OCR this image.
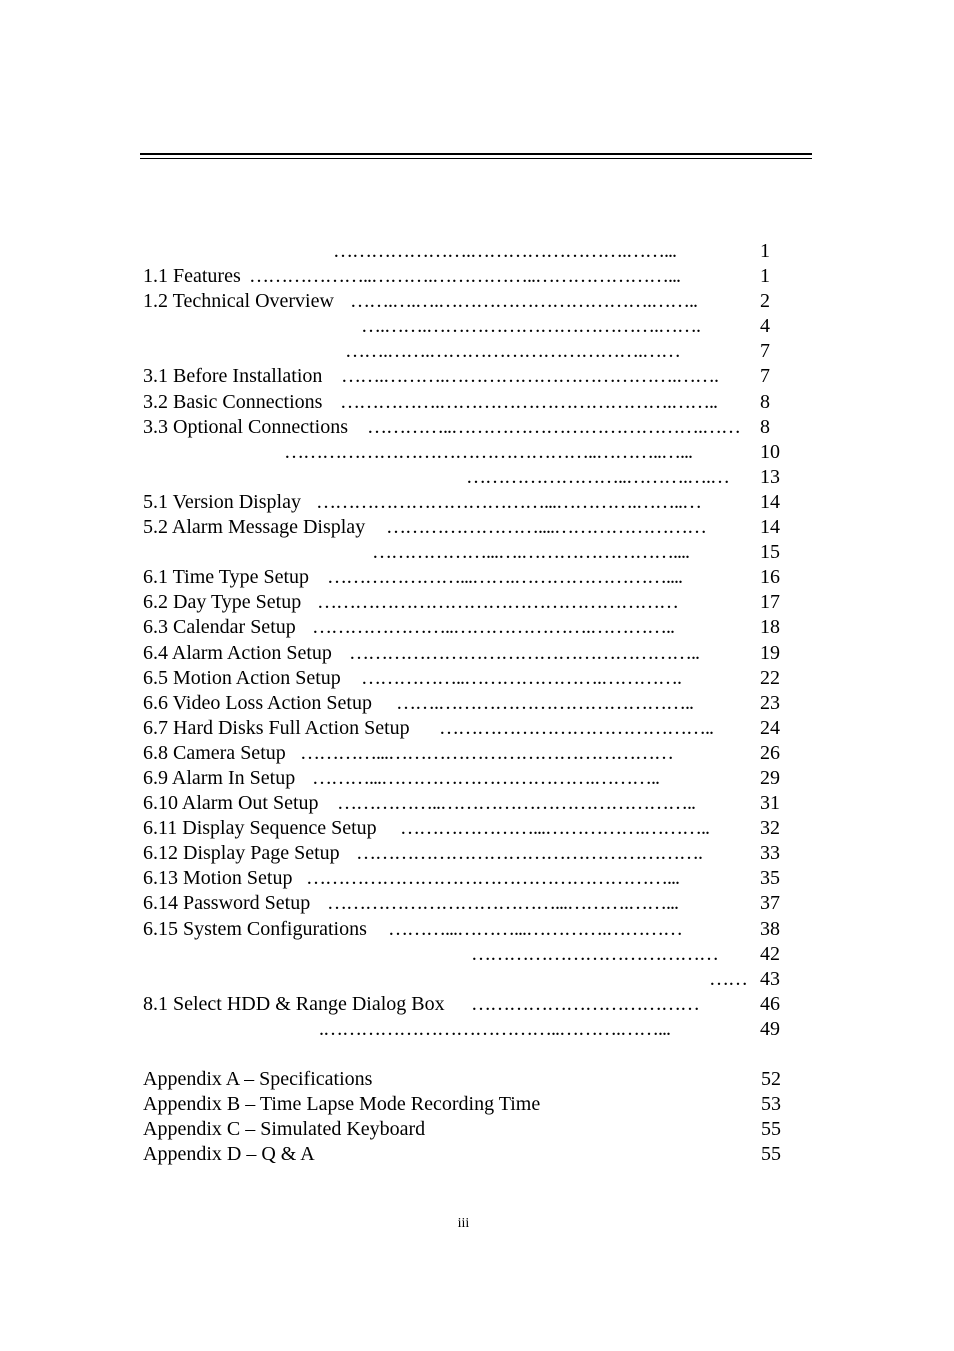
………………….…………………….……...	1
1.1 Features ………………..……….……………..…………………...	1
1.2 Technical Overview …….….….…………………………….……..	2
….…….……………………………….…….	4
…….…….…………………………….……	7
3.1 Before Installation …….……….……………………………….……. 7
3.2 Basic Connections …………….……………………………….…….. 8
3.3 Optional Connections …………..………………………………….…… 8
…………………………………………..………..…...	10
……………………..……….….… 13
5.1 Version Display ………………………………...………….……..…	14
5.2 Alarm Message Display ……………………....……………………	14
………………...….……………………....	15
6.1 Time Type Setup …………………...…….……………………....	16
6.2 Day Type Setup …………………………………………………	17
6.3 Calendar Setup …………………..………………….…………..	18
6.4 Alarm Action Setup ………………………………………………..	19
6.5 Motion Action Setup ……………..………………….………….	22
6.6 Video Loss Action Setup …….…………………………………..	23
6.7 Hard Disks Full Action Setup …………………………………….. 24
6.8 Camera Setup …………...………………………………………	26
6.9 Alarm In Setup ………...…………………………….………..	29
6.10 Alarm Out Setup ……………..…………………………………..	31
6.11 Display Sequence Setup …………………...…………….………..	32
6.12 Display Page Setup ……………………………………………….	33
6.13 Motion Setup …………………………………………………...	35
6.14 Password Setup ………………………………...……….……...	37
6.15 System Configurations ………...………...………….…………	38
………………………………… 42
…… 43
8.1 Select HDD & Range Dialog Box ………………………………	46
.………………………………..……….……...	49
Appendix A – Specifications	52
Appendix B – Time Lapse Mode Recording Time	53
Appendix C – Simulated Keyboard	55
Appendix D – Q & A	55
iii
